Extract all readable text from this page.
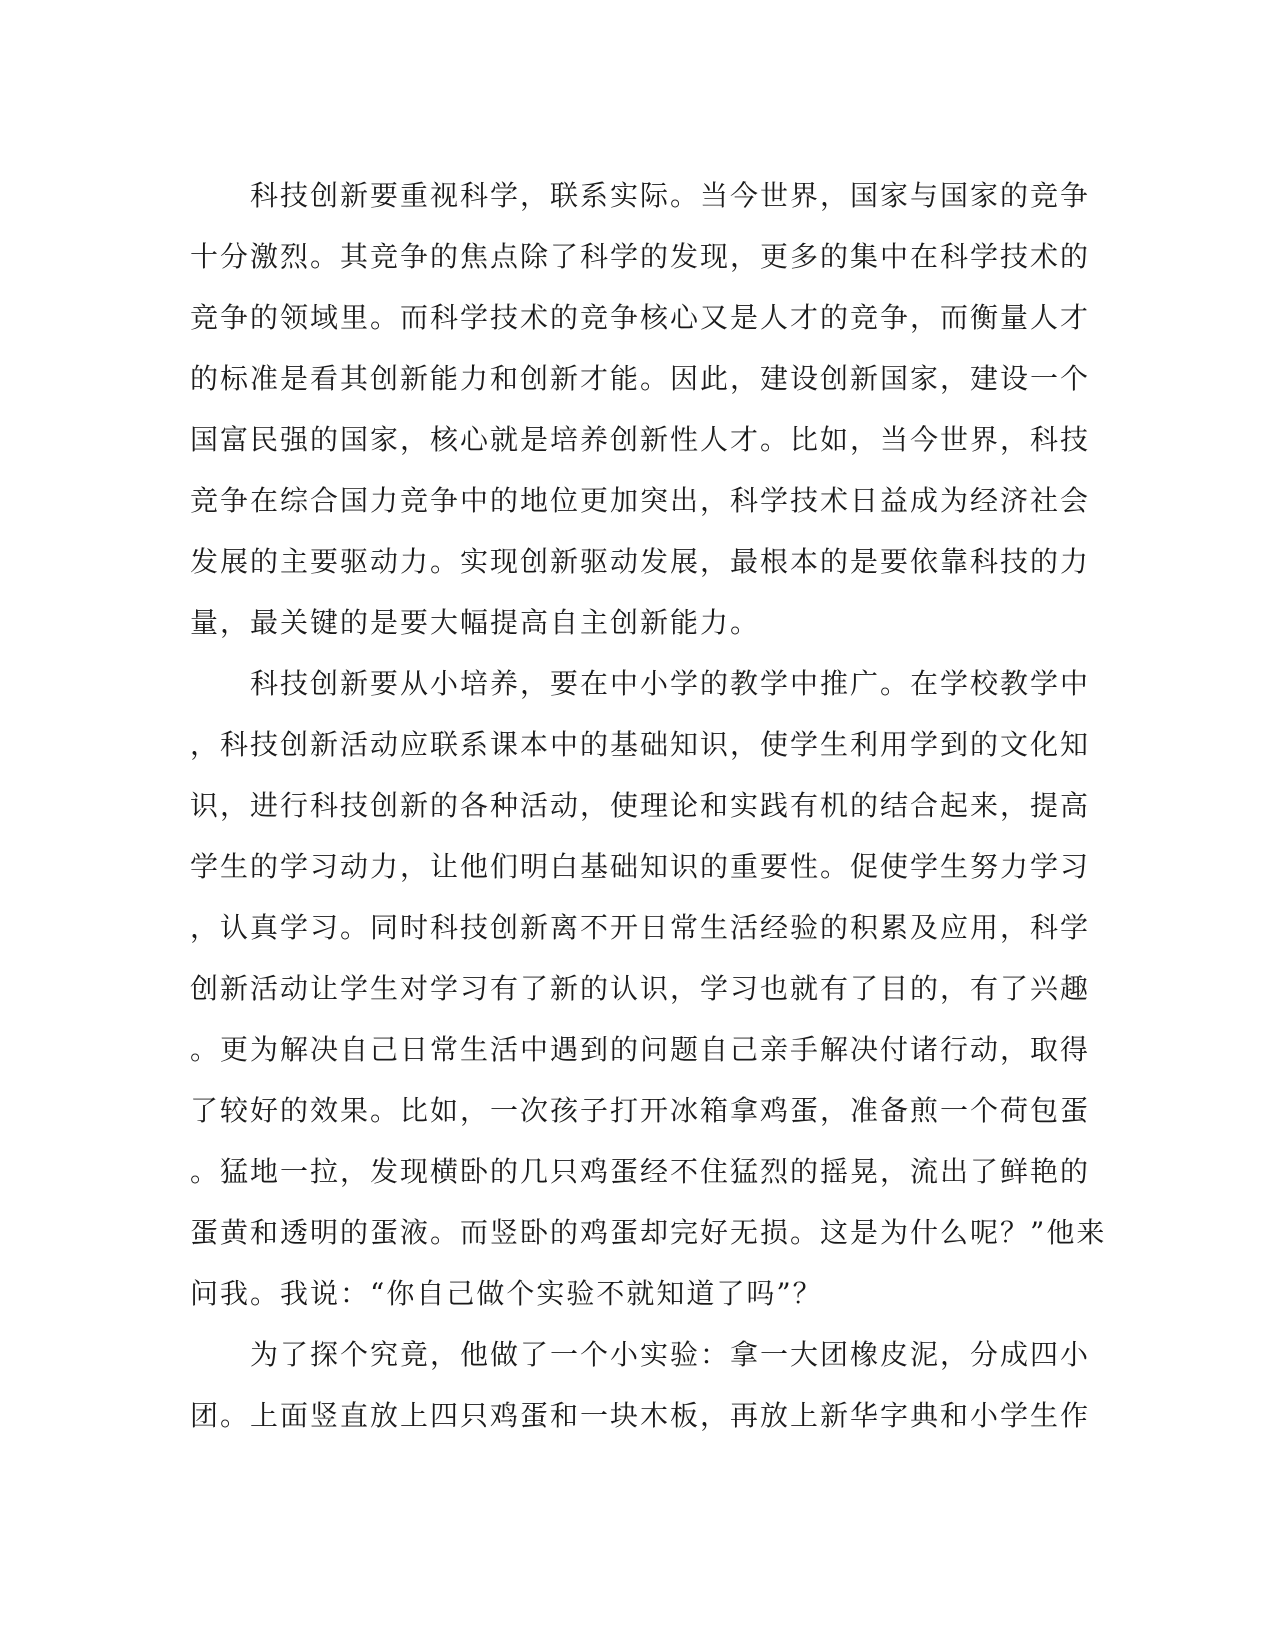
　　科技创新要重视科学，联系实际。当今世界，国家与国家的竞争
十分激烈。其竞争的焦点除了科学的发现，更多的集中在科学技术的
竞争的领域里。而科学技术的竞争核心又是人才的竞争，而衡量人才
的标准是看其创新能力和创新才能。因此，建设创新国家，建设一个
国富民强的国家，核心就是培养创新性人才。比如，当今世界，科技
竞争在综合国力竞争中的地位更加突出，科学技术日益成为经济社会
发展的主要驱动力。实现创新驱动发展，最根本的是要依靠科技的力
量，最关键的是要大幅提高自主创新能力。
　　科技创新要从小培养，要在中小学的教学中推广。在学校教学中
，科技创新活动应联系课本中的基础知识，使学生利用学到的文化知
识，进行科技创新的各种活动，使理论和实践有机的结合起来，提高
学生的学习动力，让他们明白基础知识的重要性。促使学生努力学习
，认真学习。同时科技创新离不开日常生活经验的积累及应用，科学
创新活动让学生对学习有了新的认识，学习也就有了目的，有了兴趣
。更为解决自己日常生活中遇到的问题自己亲手解决付诸行动，取得
了较好的效果。比如，一次孩子打开冰箱拿鸡蛋，准备煎一个荷包蛋
。猛地一拉，发现横卧的几只鸡蛋经不住猛烈的摇晃，流出了鲜艳的
蛋黄和透明的蛋液。而竖卧的鸡蛋却完好无损。这是为什么呢？”他来
问我。我说：“你自己做个实验不就知道了吗”？
　　为了探个究竟，他做了一个小实验：拿一大团橡皮泥，分成四小
团。上面竖直放上四只鸡蛋和一块木板，再放上新华字典和小学生作
